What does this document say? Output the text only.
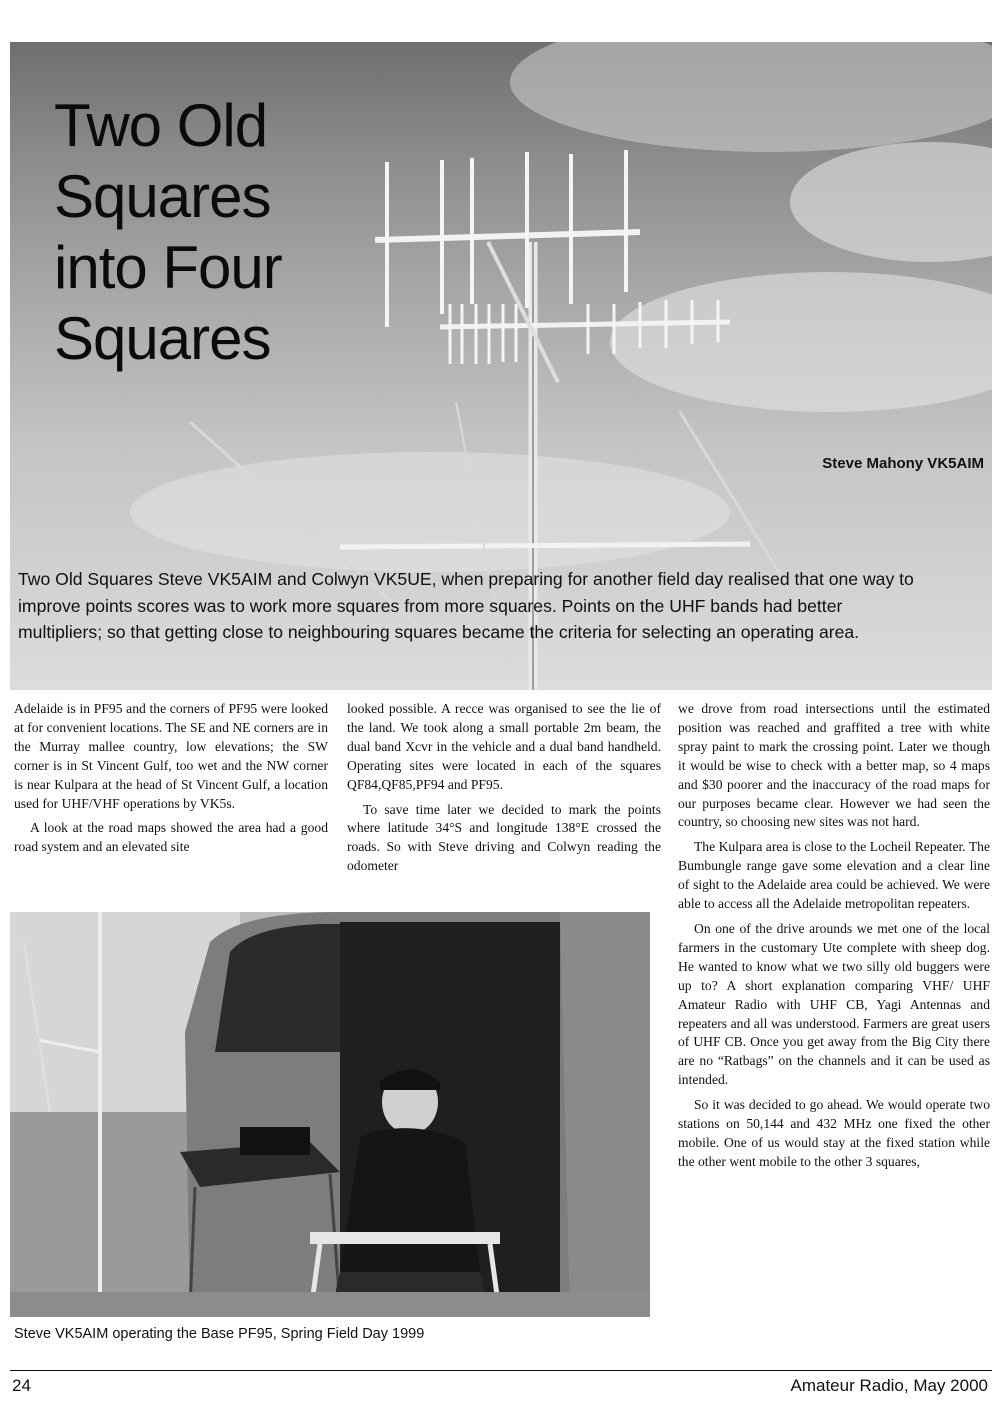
Two Old
Squares
into Four
Squares
Steve Mahony VK5AIM

Two Old Squares Steve VK5AIM and Colwyn VK5UE, when preparing for another field day realised that one way to improve points scores was to work more squares from more squares. Points on the UHF bands had better multipliers; so that getting close to neighbouring squares became the criteria for selecting an operating area.

Adelaide is in PF95 and the corners of PF95 were looked at for convenient locations. The SE and NE corners are in the Murray mallee country, low elevations; the SW corner is in St Vincent Gulf, too wet and the NW corner is near Kulpara at the head of St Vincent Gulf, a location used for UHF/VHF operations by VK5s.

A look at the road maps showed the area had a good road system and an elevated site

looked possible. A recce was organised to see the lie of the land. We took along a small portable 2m beam, the dual band Xcvr in the vehicle and a dual band handheld. Operating sites were located in each of the squares QF84,QF85,PF94 and PF95.

To save time later we decided to mark the points where latitude 34°S and longitude 138°E crossed the roads. So with Steve driving and Colwyn reading the odometer

we drove from road intersections until the estimated position was reached and graffited a tree with white spray paint to mark the crossing point. Later we though it would be wise to check with a better map, so 4 maps and $30 poorer and the inaccuracy of the road maps for our purposes became clear. However we had seen the country, so choosing new sites was not hard.

The Kulpara area is close to the Locheil Repeater. The Bumbungle range gave some elevation and a clear line of sight to the Adelaide area could be achieved. We were able to access all the Adelaide metropolitan repeaters.

On one of the drive arounds we met one of the local farmers in the customary Ute complete with sheep dog. He wanted to know what we two silly old buggers were up to? A short explanation comparing VHF/ UHF Amateur Radio with UHF CB, Yagi Antennas and repeaters and all was understood. Farmers are great users of UHF CB. Once you get away from the Big City there are no “Ratbags” on the channels and it can be used as intended.

So it was decided to go ahead. We would operate two stations on 50,144 and 432 MHz one fixed the other mobile. One of us would stay at the fixed station while the other went mobile to the other 3 squares,

Steve VK5AIM operating the Base PF95, Spring Field Day 1999
24	Amateur Radio, May 2000
